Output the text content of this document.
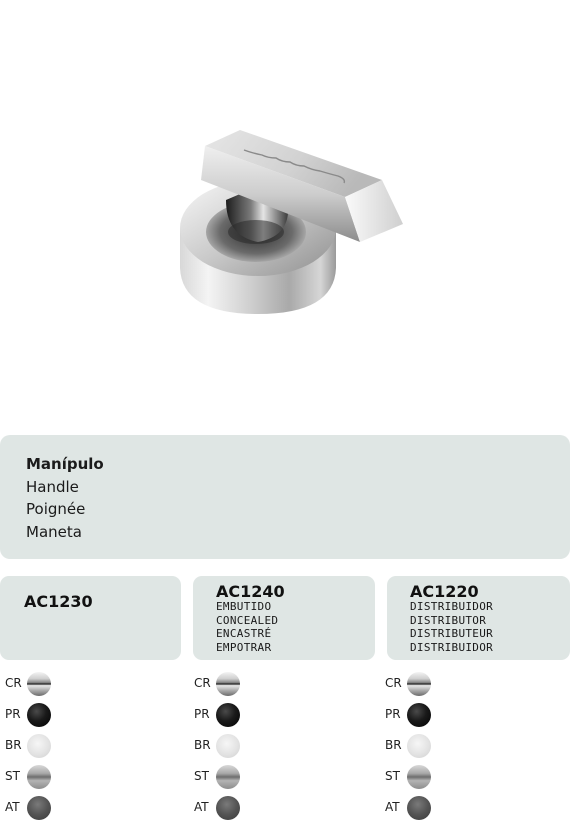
Manípulo
Handle
Poignée
Maneta
AC1230
AC1240
EMBUTIDO
CONCEALED
ENCASTRÉ
EMPOTRAR
AC1220
DISTRIBUIDOR
DISTRIBUTOR
DISTRIBUTEUR
DISTRIBUIDOR
CR
PR
BR
ST
AT
CR
PR
BR
ST
AT
CR
PR
BR
ST
AT
